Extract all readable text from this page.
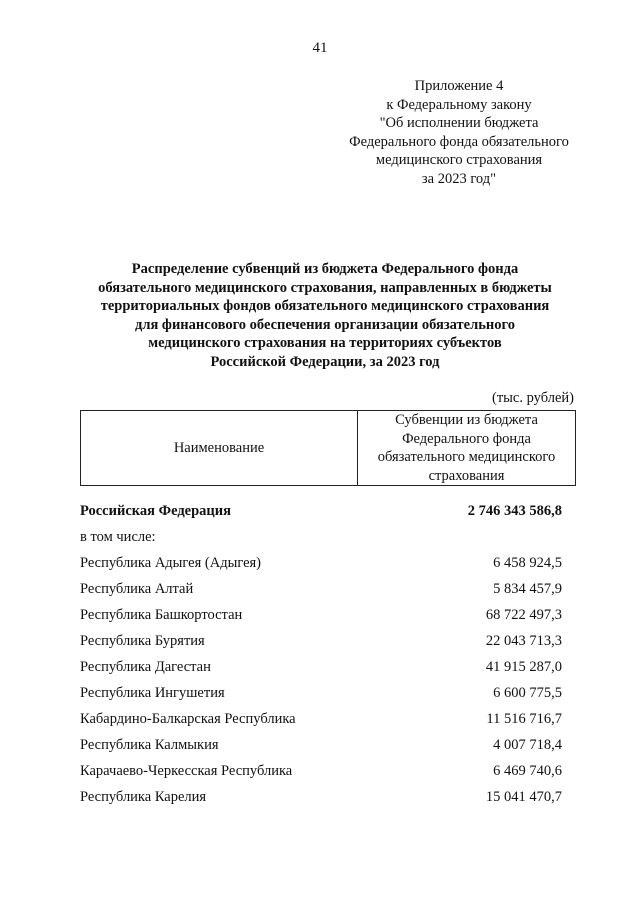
41
Приложение 4
к Федеральному закону
"Об исполнении бюджета
Федерального фонда обязательного
медицинского страхования
за 2023 год"
Распределение субвенций из бюджета Федерального фонда
обязательного медицинского страхования, направленных в бюджеты
территориальных фондов обязательного медицинского страхования
для финансового обеспечения организации обязательного
медицинского страхования на территориях субъектов
Российской Федерации, за 2023 год
(тыс. рублей)
Наименование	
Субвенции из бюджета
Федерального фонда
обязательного медицинского
страхования
Российская Федерация	2 746 343 586,8
в том числе:
Республика Адыгея (Адыгея)	6 458 924,5
Республика Алтай	5 834 457,9
Республика Башкортостан	68 722 497,3
Республика Бурятия	22 043 713,3
Республика Дагестан	41 915 287,0
Республика Ингушетия	6 600 775,5
Кабардино-Балкарская Республика	11 516 716,7
Республика Калмыкия	4 007 718,4
Карачаево-Черкесская Республика	6 469 740,6
Республика Карелия	15 041 470,7
